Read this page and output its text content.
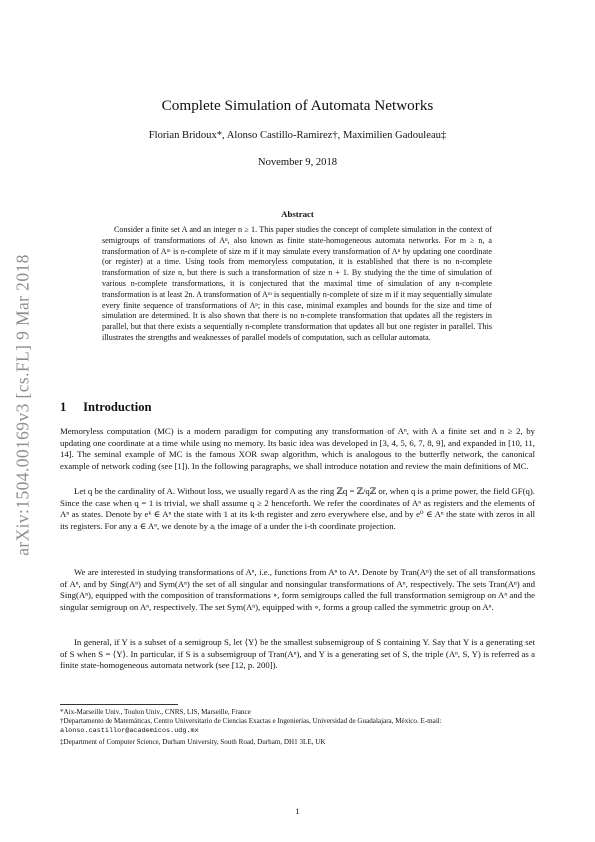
arXiv:1504.00169v3 [cs.FL] 9 Mar 2018
Complete Simulation of Automata Networks
Florian Bridoux*, Alonso Castillo-Ramirez†, Maximilien Gadouleau‡
November 9, 2018
Abstract

Consider a finite set A and an integer n ≥ 1. This paper studies the concept of complete simulation in the context of semigroups of transformations of Aⁿ, also known as finite state-homogeneous automata networks. For m ≥ n, a transformation of Aᵐ is n-complete of size m if it may simulate every transformation of Aⁿ by updating one coordinate (or register) at a time. Using tools from memoryless computation, it is established that there is no n-complete transformation of size n, but there is such a transformation of size n + 1. By studying the the time of simulation of various n-complete transformations, it is conjectured that the maximal time of simulation of any n-complete transformation is at least 2n. A transformation of Aᵐ is sequentially n-complete of size m if it may sequentially simulate every finite sequence of transformations of Aⁿ; in this case, minimal examples and bounds for the size and time of simulation are determined. It is also shown that there is no n-complete transformation that updates all the registers in parallel, but that there exists a sequentially n-complete transformation that updates all but one register in parallel. This illustrates the strengths and weaknesses of parallel models of computation, such as cellular automata.

1 Introduction

Memoryless computation (MC) is a modern paradigm for computing any transformation of Aⁿ, with A a finite set and n ≥ 2, by updating one coordinate at a time while using no memory. Its basic idea was developed in [3, 4, 5, 6, 7, 8, 9], and expanded in [10, 11, 14]. The seminal example of MC is the famous XOR swap algorithm, which is analogous to the butterfly network, the canonical example of network coding (see [1]). In the following paragraphs, we shall introduce notation and review the main definitions of MC.

Let q be the cardinality of A. Without loss, we usually regard A as the ring ℤq = ℤ/qℤ or, when q is a prime power, the field GF(q). Since the case when q = 1 is trivial, we shall assume q ≥ 2 henceforth. We refer the coordinates of Aⁿ as registers and the elements of Aⁿ as states. Denote by eᵏ ∈ Aⁿ the state with 1 at its k-th register and zero everywhere else, and by e⁰ ∈ Aⁿ the state with zeros in all its registers. For any a ∈ Aⁿ, we denote by aᵢ the image of a under the i-th coordinate projection.

We are interested in studying transformations of Aⁿ, i.e., functions from Aⁿ to Aⁿ. Denote by Tran(Aⁿ) the set of all transformations of Aⁿ, and by Sing(Aⁿ) and Sym(Aⁿ) the set of all singular and nonsingular transformations of Aⁿ, respectively. The sets Tran(Aⁿ) and Sing(Aⁿ), equipped with the composition of transformations ∘, form semigroups called the full transformation semigroup on Aⁿ and the singular semigroup on Aⁿ, respectively. The set Sym(Aⁿ), equipped with ∘, forms a group called the symmetric group on Aⁿ.

In general, if Y is a subset of a semigroup S, let ⟨Y⟩ be the smallest subsemigroup of S containing Y. Say that Y is a generating set of S when S = ⟨Y⟩. In particular, if S is a subsemigroup of Tran(Aⁿ), and Y is a generating set of S, the triple (Aⁿ, S, Y) is referred as a finite state-homogeneous automata network (see [12, p. 200]).

*Aix-Marseille Univ., Toulon Univ., CNRS, LIS, Marseille, France

†Departamento de Matemáticas, Centro Universitario de Ciencias Exactas e Ingenierías, Universidad de Guadalajara, México. E-mail: alonso.castillor@academicos.udg.mx

‡Department of Computer Science, Durham University, South Road, Durham, DH1 3LE, UK

1
